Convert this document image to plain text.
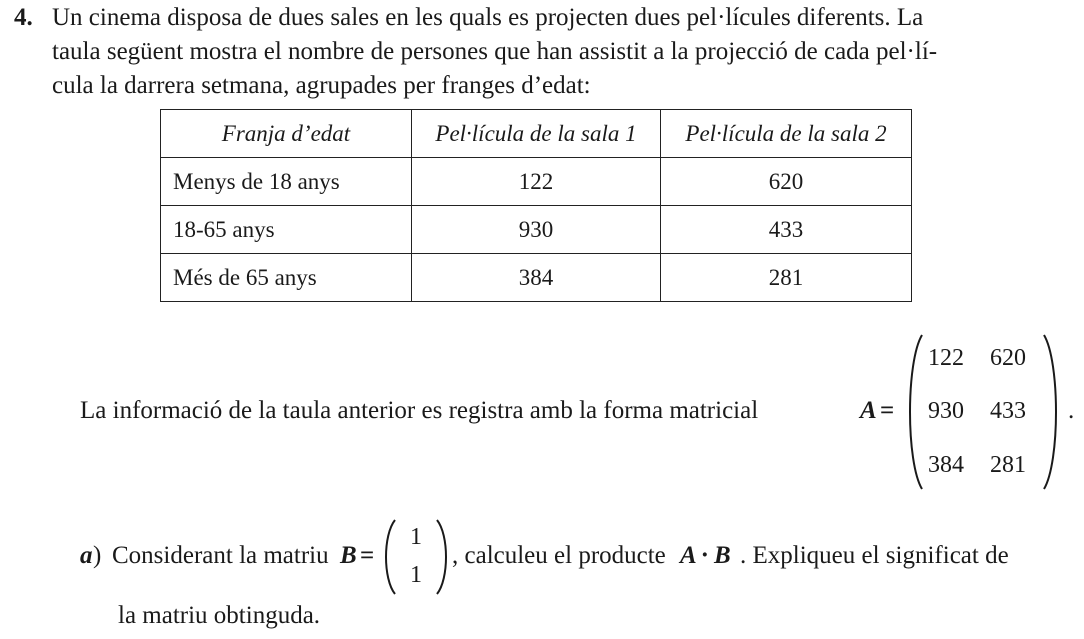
4. Un cinema disposa de dues sales en les quals es projecten dues pel·lícules diferents. La
taula següent mostra el nombre de persones que han assistit a la projecció de cada pel·lí-
cula la darrera setmana, agrupades per franges d’edat:
Franja d’edat	Pel·lícula de la sala 1	Pel·lícula de la sala 2
Menys de 18 anys	122	620
18-65 anys	930	433
Més de 65 anys	384	281
La informació de la taula anterior es registra amb la forma matricial	A =
122 620
930 433
384 281
.
a ) Considerant la matriu B =
1
1
, calculeu el producte A · B . Expliqueu el significat de
la matriu obtinguda.
